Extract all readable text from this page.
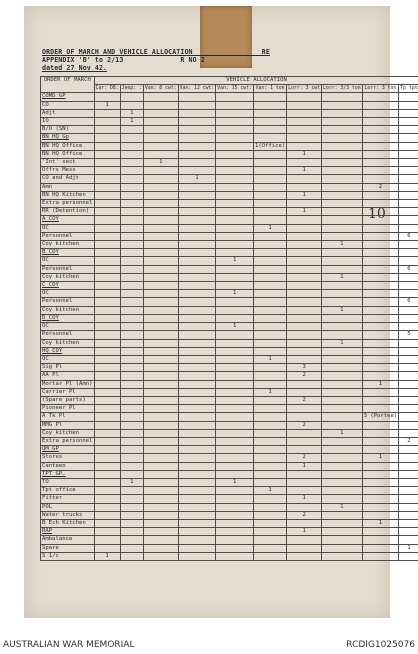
ORDER OF MARCH AND VEHICLE ALLOCATION                 RE
APPENDIX 'B' to 2/13              R NO 2
dated 27 Nov 42.
ORDER OF MARCH	VEHICLE ALLOCATION									
	Car: D8:	Jeep: :	Van: 8 cwt:	Van: 12 cwt:	Van: 15 cwt:	Van: 1 ton	Lorr: 3 cwt	Lorr: 3/3 ton	Lorr: 3 ton	Tp tpt
COMD GP										
CO	1									
Adjt		1								
IO		1								
B/O (SN)										
BN HQ Gp										
BN HQ Office						1(Office)				
BN HQ Office							1			
'Int' sect			1							
Offrs Mess							1			
CO and Adjt				1						
Amn									2	
BN HQ Kitchen							1			
Extra personnel										
RR (Detention)							1			
A COY										
OC						1				
Personnel										6
Coy kitchen								1		
B COY										
OC					1					
Personnel										6
Coy kitchen								1		
C COY										
OC					1					
Personnel										6
Coy kitchen								1		
D COY										
OC					1					
Personnel										5
Coy kitchen								1		
HQ COY										
OC						1				
Sig Pl							3			
AA Pl							2			
Mortar Pl (Amn)									1	
Carrier Pl						1				
(Spare parts)							2			
Pioneer Pl										
A Tk Pl									3 (Portee)	
MMG Pl							2			
Coy kitchen								1		
Extra personnel										2
QM GP										
Stores							2		1	
Canteen							1			
TPT GP.										
TO		1			1					
Tpt office						1				
Fitter							1			
POL								1		
Water trucks							2			
B Ech Kitchen									1	
RAP							1			
Ambulance										
Spare										1
S 1/c	1									
10
AUSTRALIAN WAR MEMORIAL	RCDIG1025076
